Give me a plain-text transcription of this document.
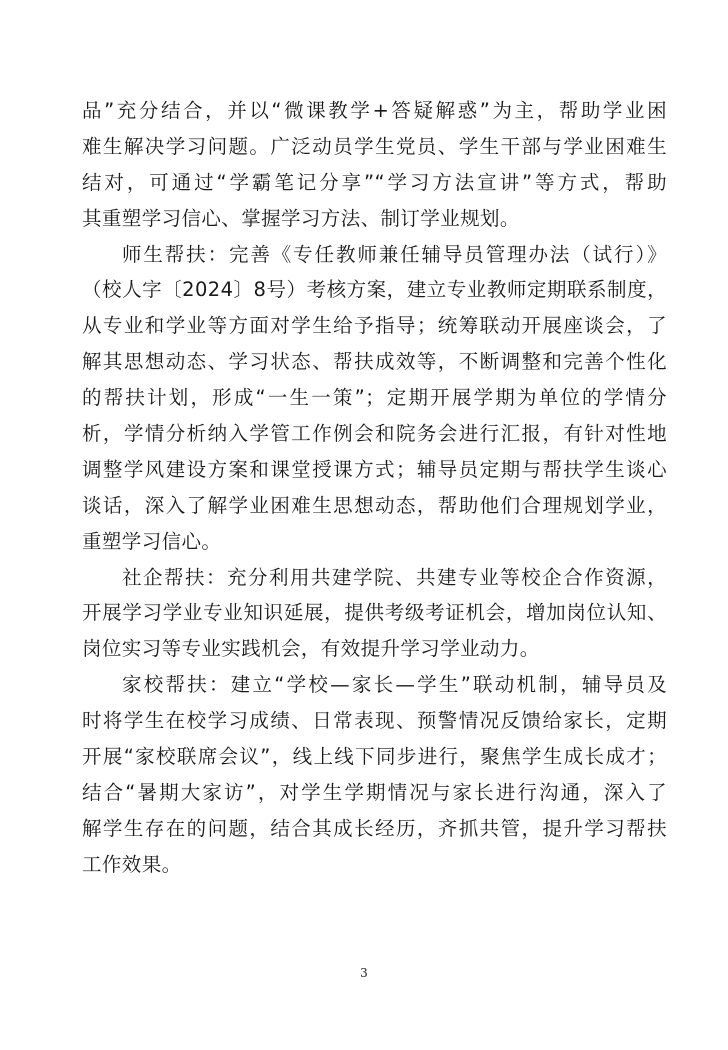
品”充分结合，并以“微课教学+答疑解惑”为主，帮助学业困
难生解决学习问题。广泛动员学生党员、学生干部与学业困难生
结对，可通过“学霸笔记分享”“学习方法宣讲”等方式，帮助
其重塑学习信心、掌握学习方法、制订学业规划。
师生帮扶：完善《专任教师兼任辅导员管理办法（试行）》
（校人字〔2024〕8号）考核方案，建立专业教师定期联系制度，
从专业和学业等方面对学生给予指导；统筹联动开展座谈会，了
解其思想动态、学习状态、帮扶成效等，不断调整和完善个性化
的帮扶计划，形成“一生一策”；定期开展学期为单位的学情分
析，学情分析纳入学管工作例会和院务会进行汇报，有针对性地
调整学风建设方案和课堂授课方式；辅导员定期与帮扶学生谈心
谈话，深入了解学业困难生思想动态，帮助他们合理规划学业，
重塑学习信心。
社企帮扶：充分利用共建学院、共建专业等校企合作资源，
开展学习学业专业知识延展，提供考级考证机会，增加岗位认知、
岗位实习等专业实践机会，有效提升学习学业动力。
家校帮扶：建立“学校—家长—学生”联动机制，辅导员及
时将学生在校学习成绩、日常表现、预警情况反馈给家长，定期
开展“家校联席会议”，线上线下同步进行，聚焦学生成长成才；
结合“暑期大家访”，对学生学期情况与家长进行沟通，深入了
解学生存在的问题，结合其成长经历，齐抓共管，提升学习帮扶
工作效果。
3
